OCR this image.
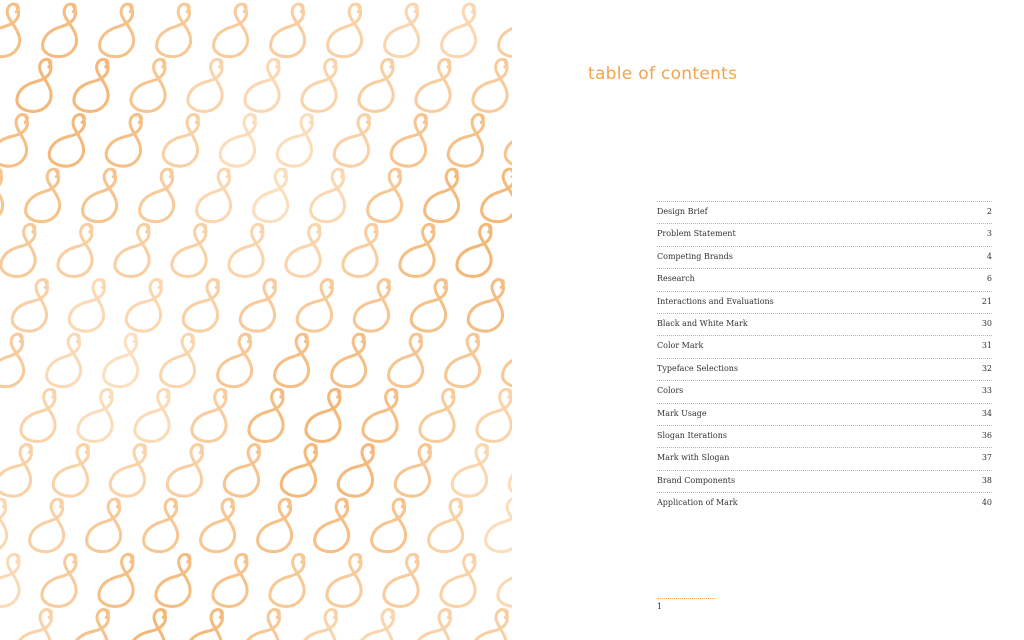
table of contents
Design Brief	2
Problem Statement	3
Competing Brands	4
Research	6
Interactions and Evaluations	21
Black and White Mark	30
Color Mark	31
Typeface Selections	32
Colors	33
Mark Usage	34
Slogan Iterations	36
Mark with Slogan	37
Brand Components	38
Application of Mark	40
1
